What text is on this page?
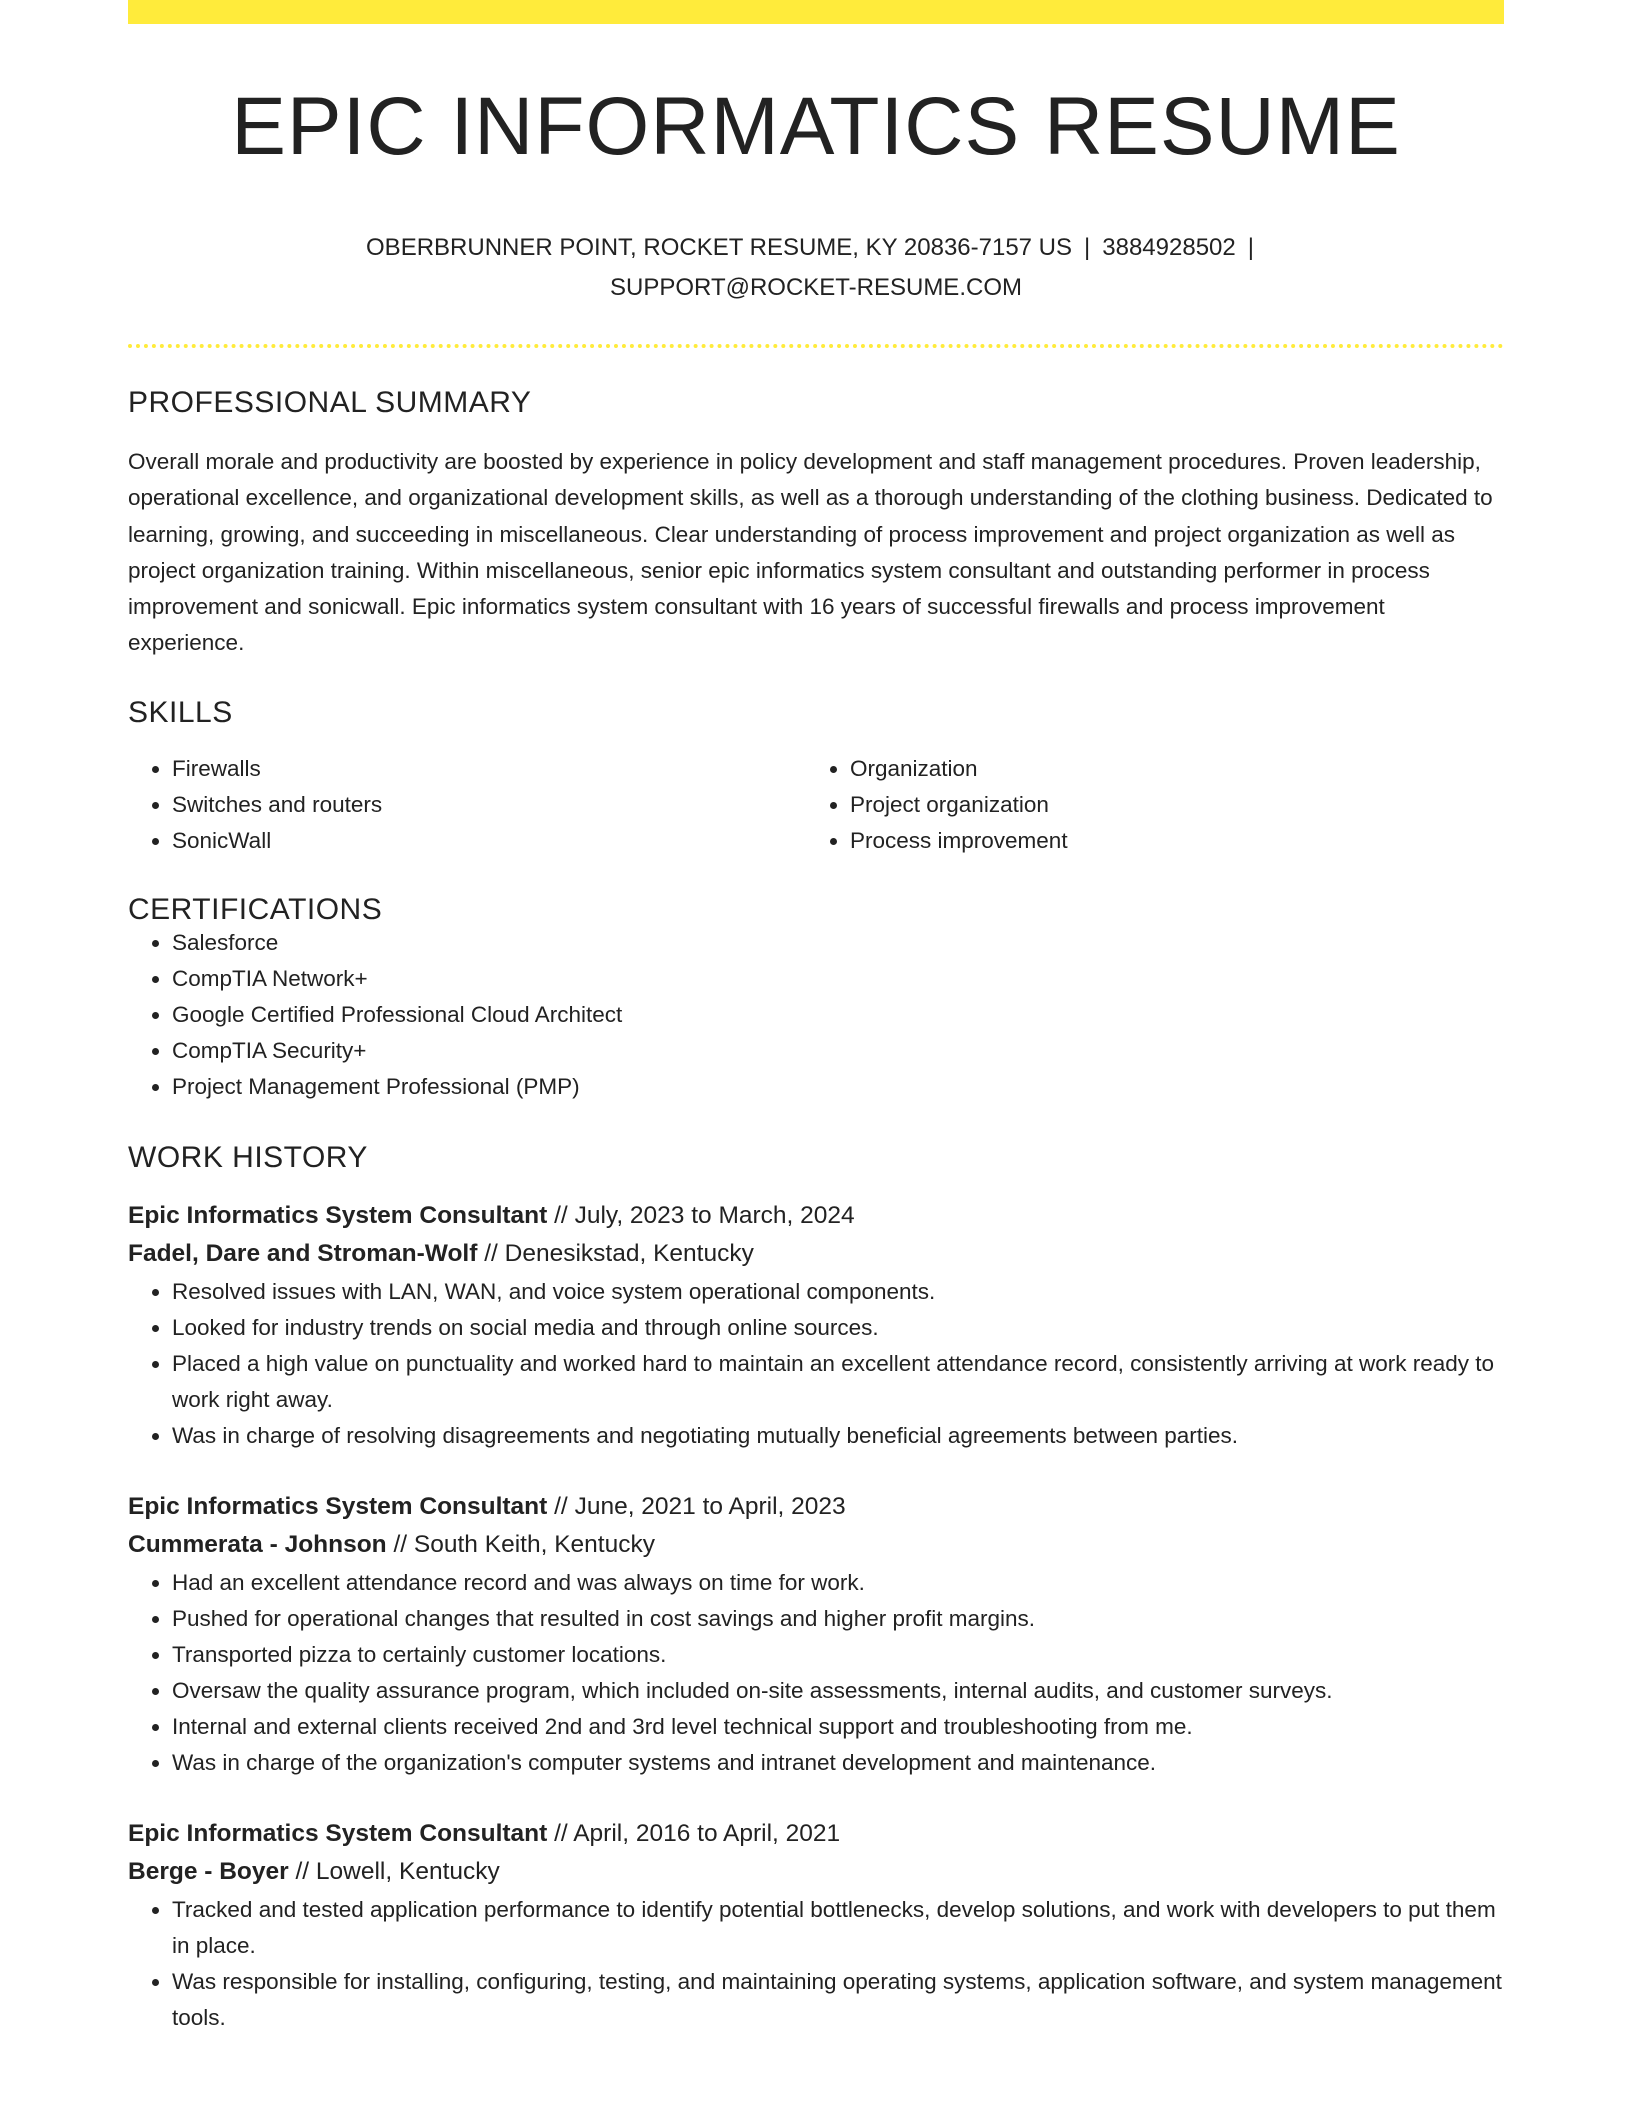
EPIC INFORMATICS RESUME
OBERBRUNNER POINT, ROCKET RESUME, KY 20836-7157 US | 3884928502 |
SUPPORT@ROCKET-RESUME.COM
PROFESSIONAL SUMMARY
Overall morale and productivity are boosted by experience in policy development and staff management procedures. Proven leadership, operational excellence, and organizational development skills, as well as a thorough understanding of the clothing business. Dedicated to learning, growing, and succeeding in miscellaneous. Clear understanding of process improvement and project organization as well as project organization training. Within miscellaneous, senior epic informatics system consultant and outstanding performer in process improvement and sonicwall. Epic informatics system consultant with 16 years of successful firewalls and process improvement experience.
SKILLS
• Firewalls
• Switches and routers
• SonicWall
• Organization
• Project organization
• Process improvement
CERTIFICATIONS
• Salesforce
• CompTIA Network+
• Google Certified Professional Cloud Architect
• CompTIA Security+
• Project Management Professional (PMP)
WORK HISTORY
Epic Informatics System Consultant // July, 2023 to March, 2024
Fadel, Dare and Stroman-Wolf // Denesikstad, Kentucky
• Resolved issues with LAN, WAN, and voice system operational components.
• Looked for industry trends on social media and through online sources.
• Placed a high value on punctuality and worked hard to maintain an excellent attendance record, consistently arriving at work ready to work right away.
• Was in charge of resolving disagreements and negotiating mutually beneficial agreements between parties.
Epic Informatics System Consultant // June, 2021 to April, 2023
Cummerata - Johnson // South Keith, Kentucky
• Had an excellent attendance record and was always on time for work.
• Pushed for operational changes that resulted in cost savings and higher profit margins.
• Transported pizza to certainly customer locations.
• Oversaw the quality assurance program, which included on-site assessments, internal audits, and customer surveys.
• Internal and external clients received 2nd and 3rd level technical support and troubleshooting from me.
• Was in charge of the organization's computer systems and intranet development and maintenance.
Epic Informatics System Consultant // April, 2016 to April, 2021
Berge - Boyer // Lowell, Kentucky
• Tracked and tested application performance to identify potential bottlenecks, develop solutions, and work with developers to put them in place.
• Was responsible for installing, configuring, testing, and maintaining operating systems, application software, and system management tools.
